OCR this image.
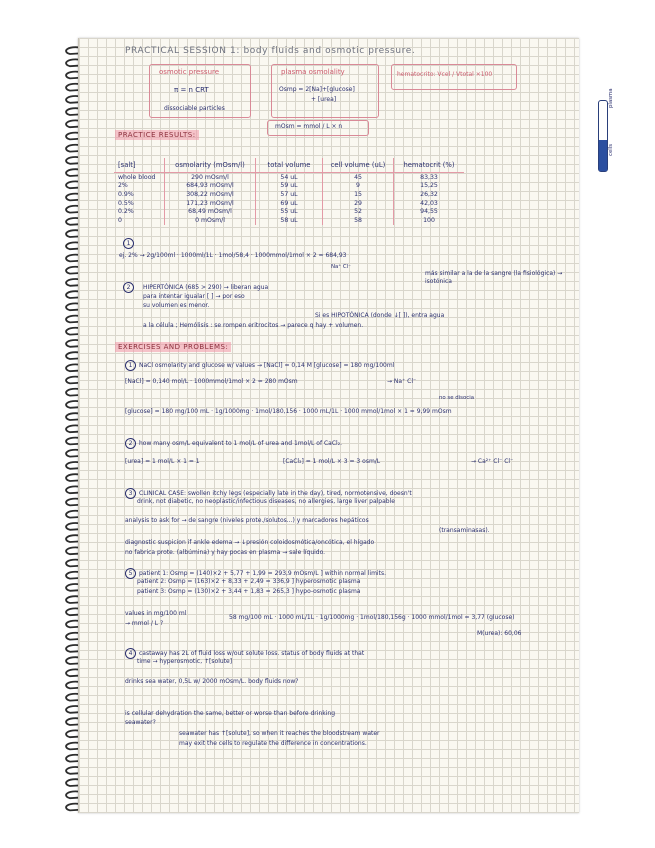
PRACTICAL SESSION 1: body fluids and osmotic pressure.
osmotic pressure
π = n CRT
dissociable particles
plasma osmolality
Osmp = 2[Na]+[glucose]
+ [urea]
mOsm = mmol / L × n
hematocrito: Vcel / Vtotal ×100
plasma
cells
PRACTICE RESULTS:
[salt]	osmolarity (mOsm/l)	total volume	cell volume (uL)	hematocrit (%)
whole blood	290 mOsm/l	54 uL	45	83,33
2%	684,93 mOsm/l	59 uL	9	15,25
0.9%	308,22 mOsm/l	57 uL	15	26,32
0.5%	171,23 mOsm/l	69 uL	29	42,03
0.2%	68,49 mOsm/l	55 uL	52	94,55
0	0 mOsm/l	58 uL	58	100
1
ej. 2% → 2g/100ml · 1000ml/1L · 1mol/58,4 · 1000mmol/1mol × 2 = 684,93
Na⁺ Cl⁻
más similar a la de la sangre (la fisiológica) → isotónica
2	HIPERTÓNICA (685 > 290) → liberan agua
para intentar igualar [ ] → por eso
su volumen es menor.
Si es HIPOTÓNICA (donde ↓[ ]), entra agua
a la célula ; Hemólisis : se rompen eritrocitos → parece q hay + volumen.
EXERCISES AND PROBLEMS:
1 NaCl osmolarity and glucose w/ values → [NaCl] = 0,14 M [glucose] = 180 mg/100ml
[NaCl] = 0,140 mol/L · 1000mmol/1mol × 2 = 280 mOsm	→ Na⁺ Cl⁻
no se disocia
[glucose] = 180 mg/100 mL · 1g/1000mg · 1mol/180,156 · 1000 mL/1L · 1000 mmol/1mol × 1 = 9,99 mOsm
2 how many osm/L equivalent to 1 mol/L of urea and 1mol/L of CaCl₂.
[urea] = 1 mol/L × 1 = 1	[CaCl₂] = 1 mol/L × 3 = 3 osm/L	→ Ca²⁺ Cl⁻ Cl⁻
3 CLINICAL CASE: swollen itchy legs (especially late in the day), tired, normotensive, doesn't
drink, not diabetic, no neoplastic/infectious diseases, no allergies, large liver palpable
analysis to ask for → de sangre (niveles prote./solutos...) y marcadores hepáticos
(transaminasas).
diagnostic suspicion if ankle edema → ↓presión coloidosmótica/oncótica, el hígado
no fabrica prote. (albúmina) y hay pocas en plasma → sale líquido.
5 patient 1: Osmp = (140)×2 + 5,77 + 1,99 = 293,9 mOsm/L ] within normal limits.
patient 2: Osmp = (163)×2 + 8,33 + 2,49 = 336,9 ] hyperosmotic plasma
patient 3: Osmp = (130)×2 + 3,44 + 1,83 = 265,3 ] hypo-osmotic plasma
values in mg/100 ml
→ mmol / L ?
58 mg/100 mL · 1000 mL/1L · 1g/1000mg · 1mol/180,156g · 1000 mmol/1mol = 3,77 (glucose)
M(urea): 60,06
4 castaway has 2L of fluid loss w/out solute loss. status of body fluids at that
time → hyperosmotic, ↑[solute]
drinks sea water, 0,5L w/ 2000 mOsm/L. body fluids now?
is cellular dehydration the same, better or worse than before drinking
seawater?
seawater has ↑[solute], so when it reaches the bloodstream water
may exit the cells to regulate the difference in concentrations.
